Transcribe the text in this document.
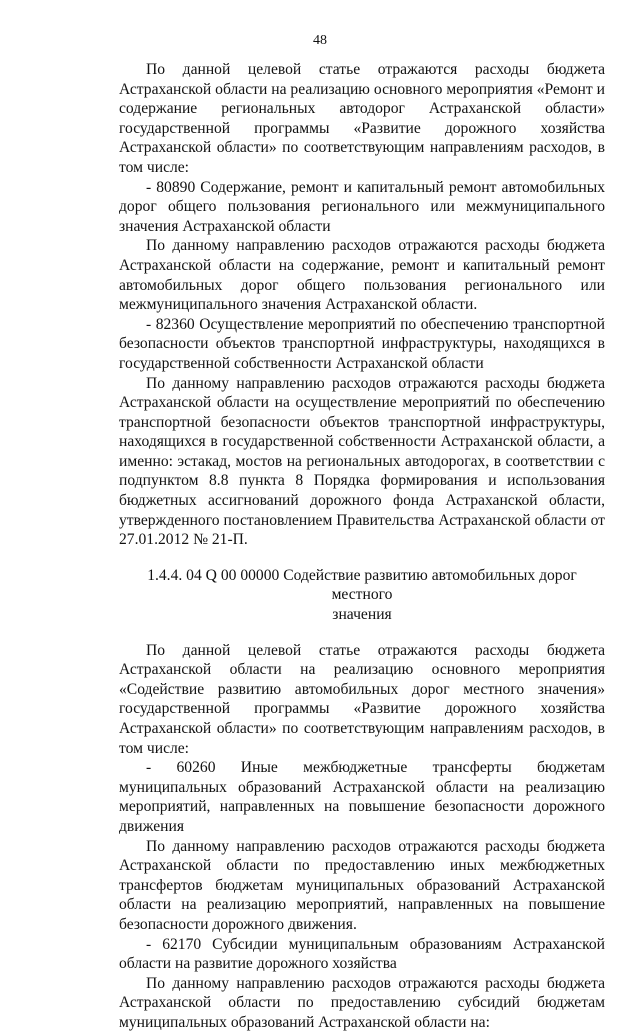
48

По данной целевой статье отражаются расходы бюджета Астраханской области на реализацию основного мероприятия «Ремонт и содержание региональных автодорог Астраханской области» государственной программы «Развитие дорожного хозяйства Астраханской области» по соответствующим направлениям расходов, в том числе:

- 80890 Содержание, ремонт и капитальный ремонт автомобильных дорог общего пользования регионального или межмуниципального значения Астраханской области

По данному направлению расходов отражаются расходы бюджета Астраханской области на содержание, ремонт и капитальный ремонт автомобильных дорог общего пользования регионального или межмуниципального значения Астраханской области.

- 82360 Осуществление мероприятий по обеспечению транспортной безопасности объектов транспортной инфраструктуры, находящихся в государственной собственности Астраханской области

По данному направлению расходов отражаются расходы бюджета Астраханской области на осуществление мероприятий по обеспечению транспортной безопасности объектов транспортной инфраструктуры, находящихся в государственной собственности Астраханской области, а именно: эстакад, мостов на региональных автодорогах, в соответствии с подпунктом 8.8 пункта 8 Порядка формирования и использования бюджетных ассигнований дорожного фонда Астраханской области, утвержденного постановлением Правительства Астраханской области от 27.01.2012 № 21-П.

1.4.4. 04 Q 00 00000 Содействие развитию автомобильных дорог местного

значения

По данной целевой статье отражаются расходы бюджета Астраханской области на реализацию основного мероприятия «Содействие развитию автомобильных дорог местного значения» государственной программы «Развитие дорожного хозяйства Астраханской области» по соответствующим направлениям расходов, в том числе:

- 60260 Иные межбюджетные трансферты бюджетам муниципальных образований Астраханской области на реализацию мероприятий, направленных на повышение безопасности дорожного движения

По данному направлению расходов отражаются расходы бюджета Астраханской области по предоставлению иных межбюджетных трансфертов бюджетам муниципальных образований Астраханской области на реализацию мероприятий, направленных на повышение безопасности дорожного движения.

- 62170 Субсидии муниципальным образованиям Астраханской области на развитие дорожного хозяйства

По данному направлению расходов отражаются расходы бюджета Астраханской области по предоставлению субсидий бюджетам муниципальных образований Астраханской области на:
